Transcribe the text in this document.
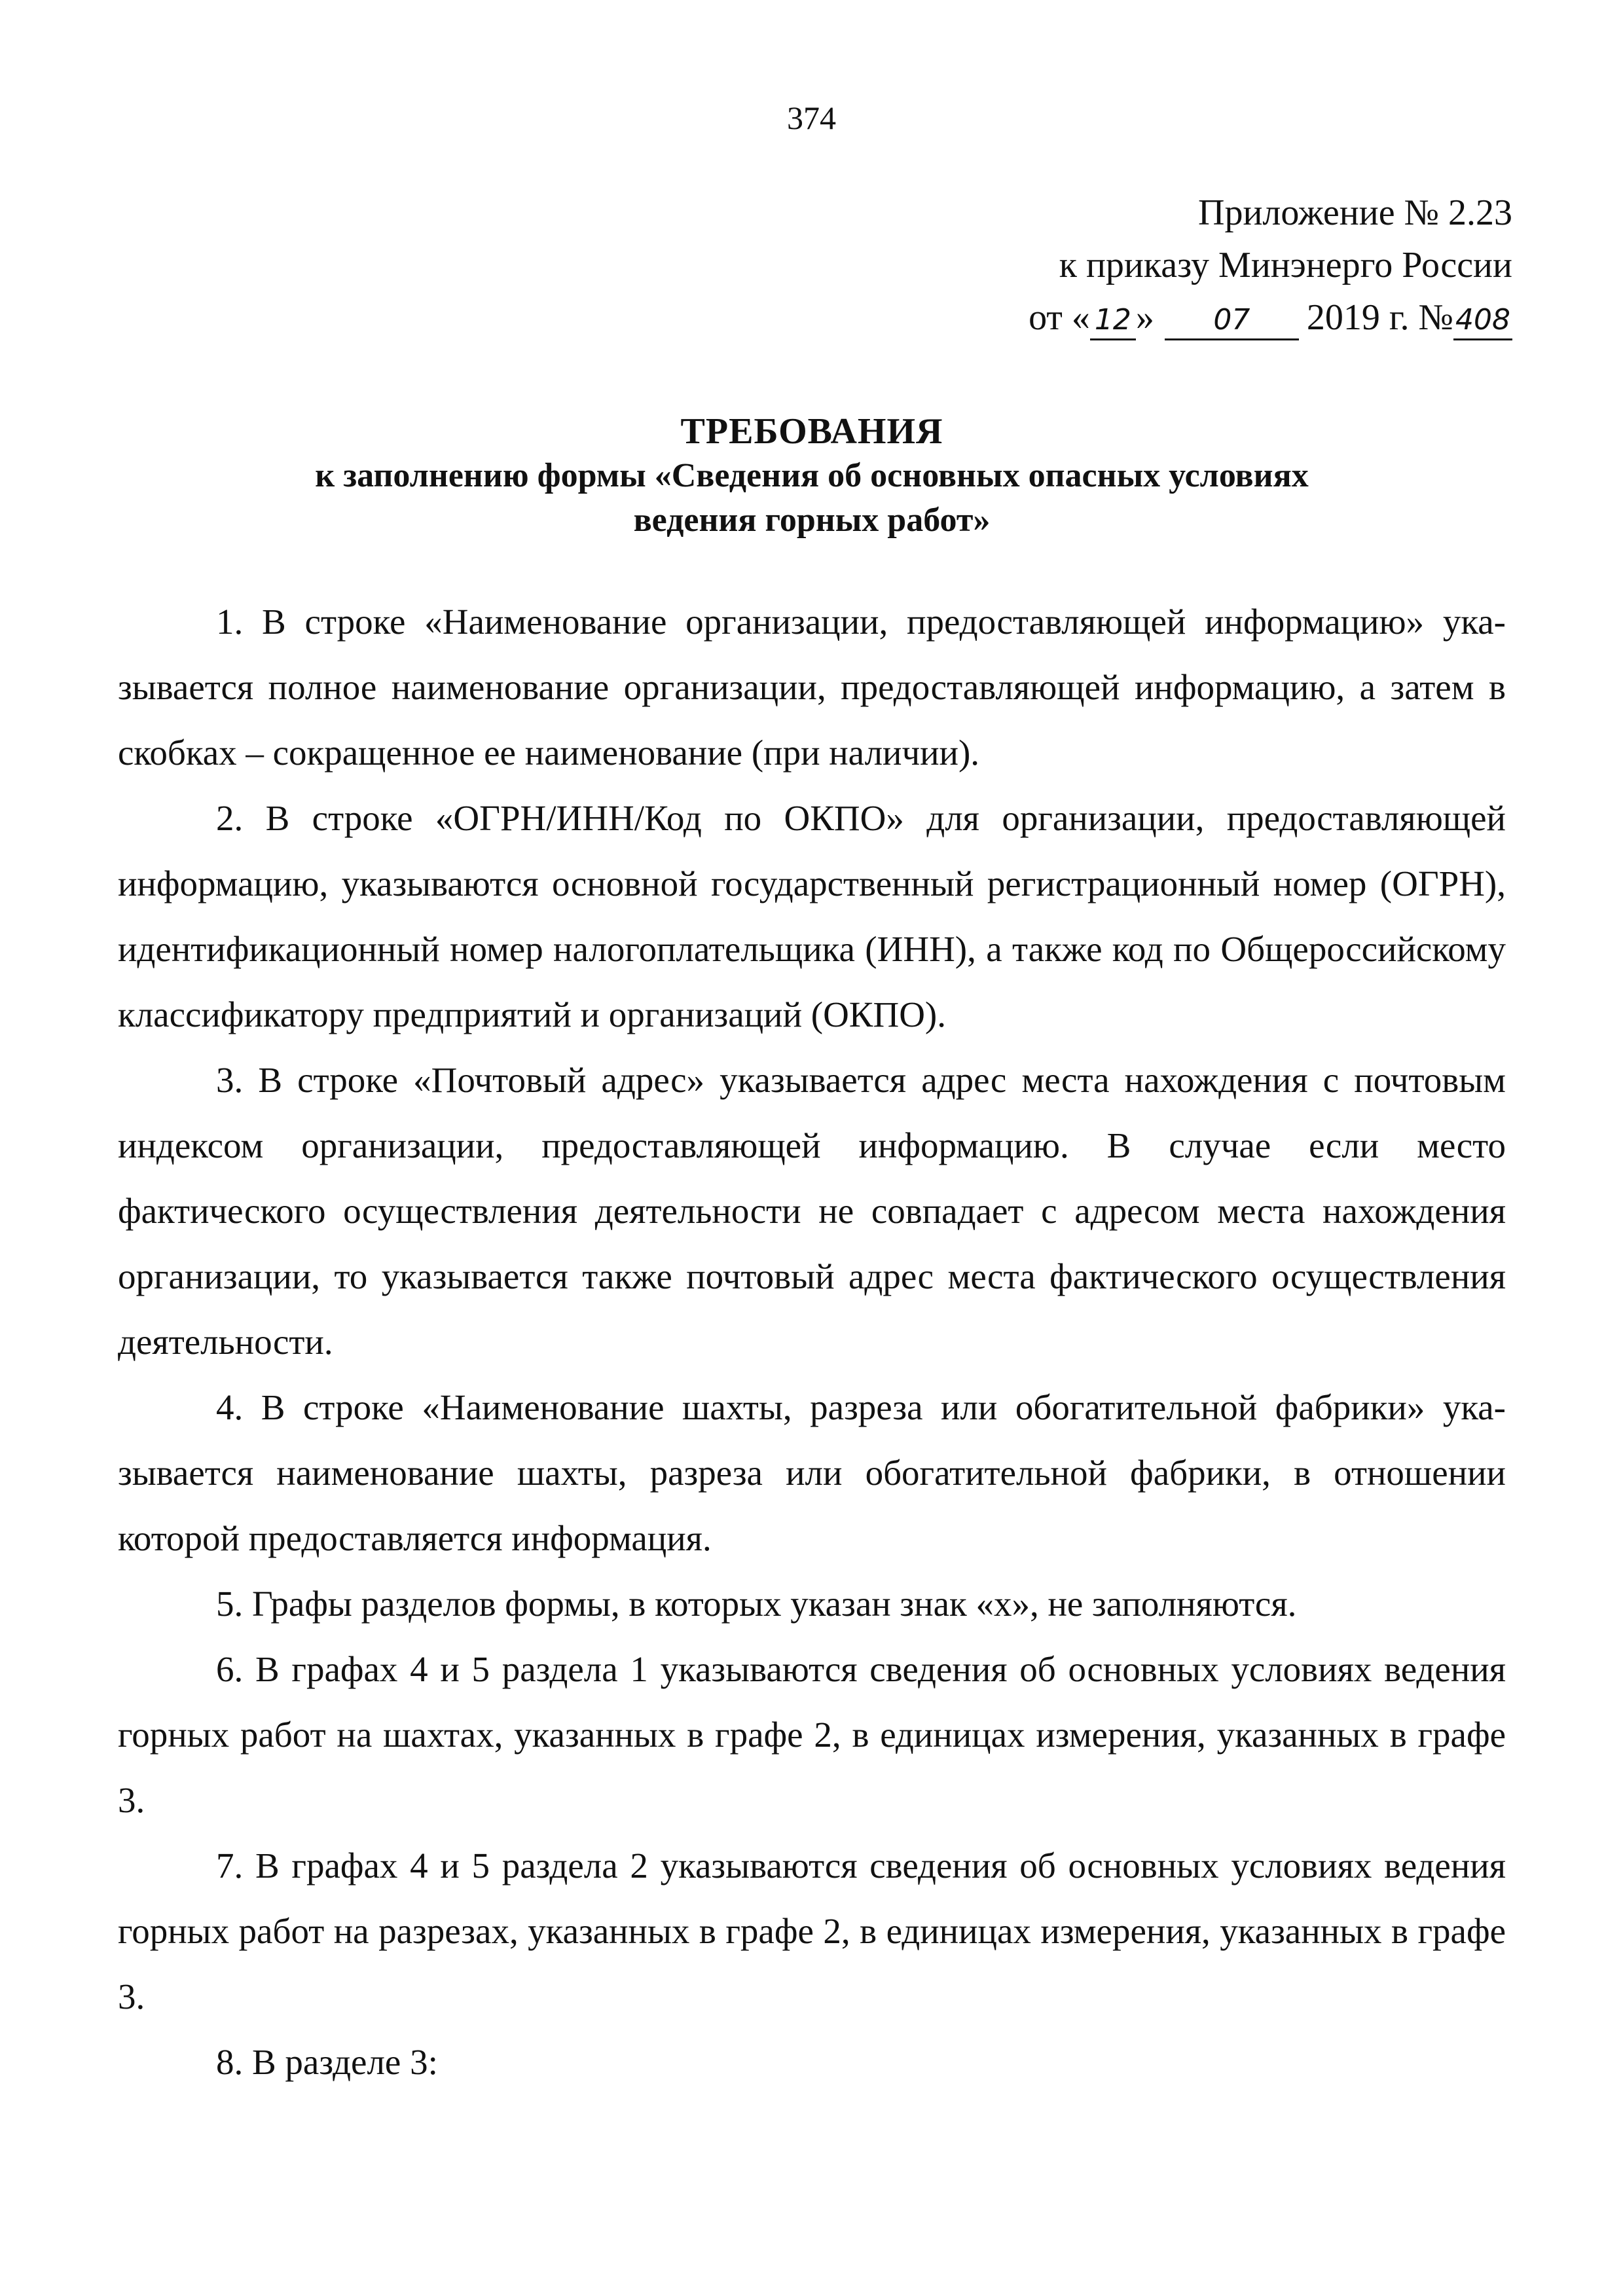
374
Приложение № 2.23
к приказу Минэнерго России
от « 12 » 07 2019 г. №408
ТРЕБОВАНИЯ
к заполнению формы «Сведения об основных опасных условиях
ведения горных работ»

1. В строке «Наименование организации, предоставляющей информацию» указывается полное наименование организации, предоставляющей информацию, а затем в скобках – сокращенное ее наименование (при наличии).

2. В строке «ОГРН/ИНН/Код по ОКПО» для организации, предоставляющей информацию, указываются основной государственный регистрационный номер (ОГРН), идентификационный номер налогоплательщика (ИНН), а также код по Общероссийскому классификатору предприятий и организаций (ОКПО).

3. В строке «Почтовый адрес» указывается адрес места нахождения с почтовым индексом организации, предоставляющей информацию. В случае если место фактического осуществления деятельности не совпадает с адресом места нахождения организации, то указывается также почтовый адрес места фактического осуществления деятельности.

4. В строке «Наименование шахты, разреза или обогатительной фабрики» указывается наименование шахты, разреза или обогатительной фабрики, в отношении которой предоставляется информация.

5. Графы разделов формы, в которых указан знак «х», не заполняются.

6. В графах 4 и 5 раздела 1 указываются сведения об основных условиях ведения горных работ на шахтах, указанных в графе 2, в единицах измерения, указанных в графе 3.

7. В графах 4 и 5 раздела 2 указываются сведения об основных условиях ведения горных работ на разрезах, указанных в графе 2, в единицах измерения, указанных в графе 3.

8. В разделе 3:
